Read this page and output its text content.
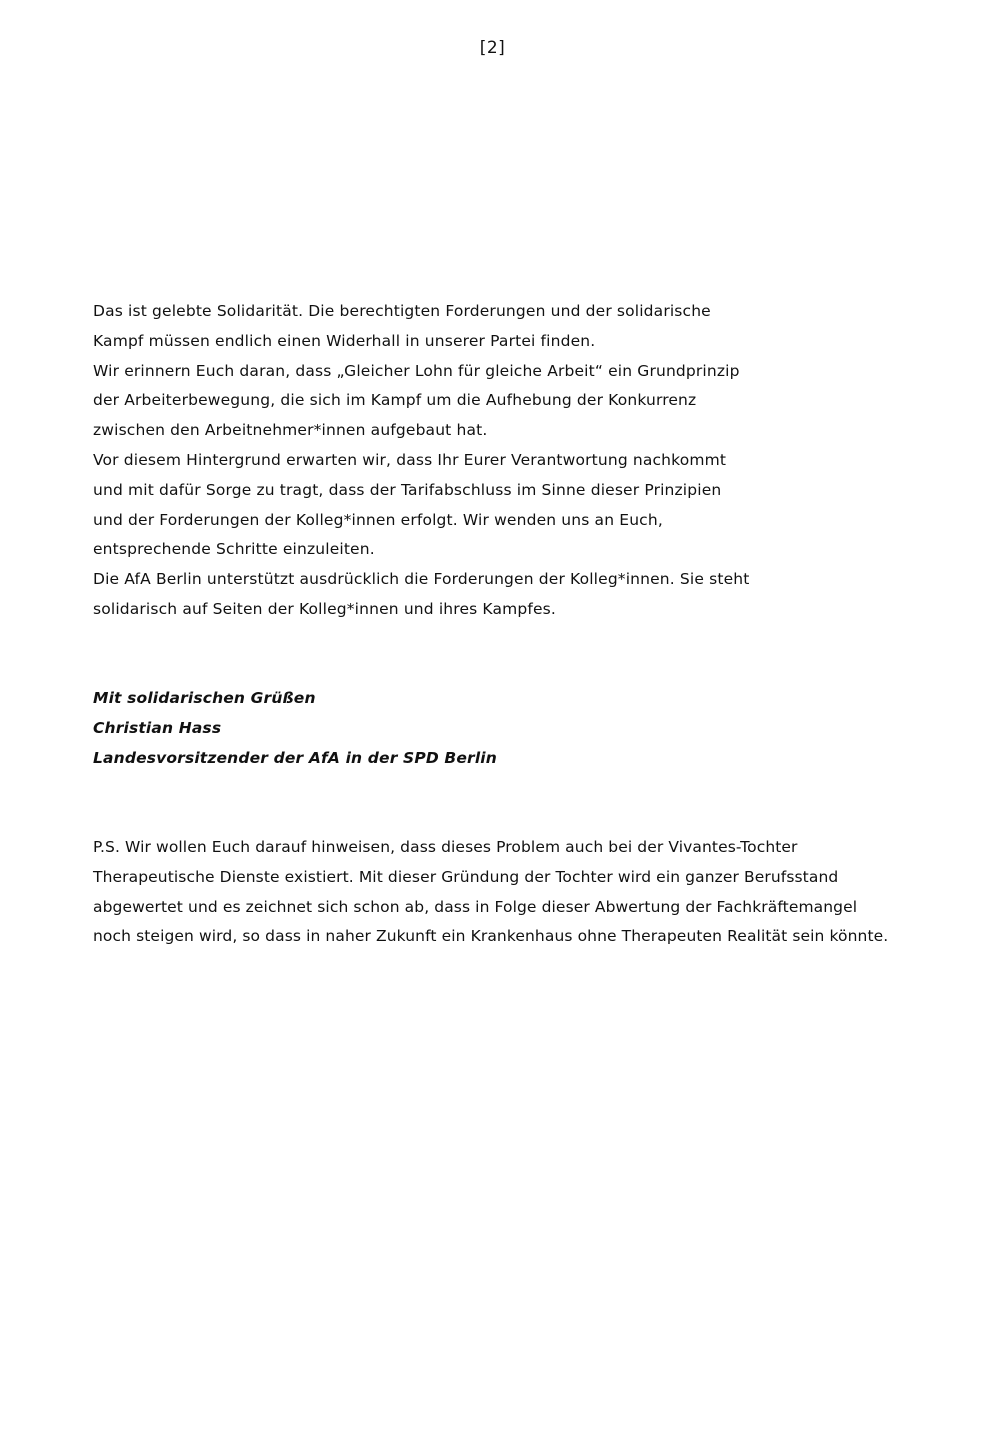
[2]
Das ist gelebte Solidarität. Die berechtigten Forderungen und der solidarische
Kampf müssen endlich einen Widerhall in unserer Partei finden.
Wir erinnern Euch daran, dass „Gleicher Lohn für gleiche Arbeit“ ein Grundprinzip
der Arbeiterbewegung, die sich im Kampf um die Aufhebung der Konkurrenz
zwischen den Arbeitnehmer*innen aufgebaut hat.
Vor diesem Hintergrund erwarten wir, dass Ihr Eurer Verantwortung nachkommt
und mit dafür Sorge zu tragt, dass der Tarifabschluss im Sinne dieser Prinzipien
und der Forderungen der Kolleg*innen erfolgt. Wir wenden uns an Euch,
entsprechende Schritte einzuleiten.
Die AfA Berlin unterstützt ausdrücklich die Forderungen der Kolleg*innen. Sie steht
solidarisch auf Seiten der Kolleg*innen und ihres Kampfes.
Mit solidarischen Grüßen
Christian Hass
Landesvorsitzender der AfA in der SPD Berlin
P.S. Wir wollen Euch darauf hinweisen, dass dieses Problem auch bei der Vivantes-Tochter
Therapeutische Dienste existiert. Mit dieser Gründung der Tochter wird ein ganzer Berufsstand
abgewertet und es zeichnet sich schon ab, dass in Folge dieser Abwertung der Fachkräftemangel
noch steigen wird, so dass in naher Zukunft ein Krankenhaus ohne Therapeuten Realität sein könnte.
